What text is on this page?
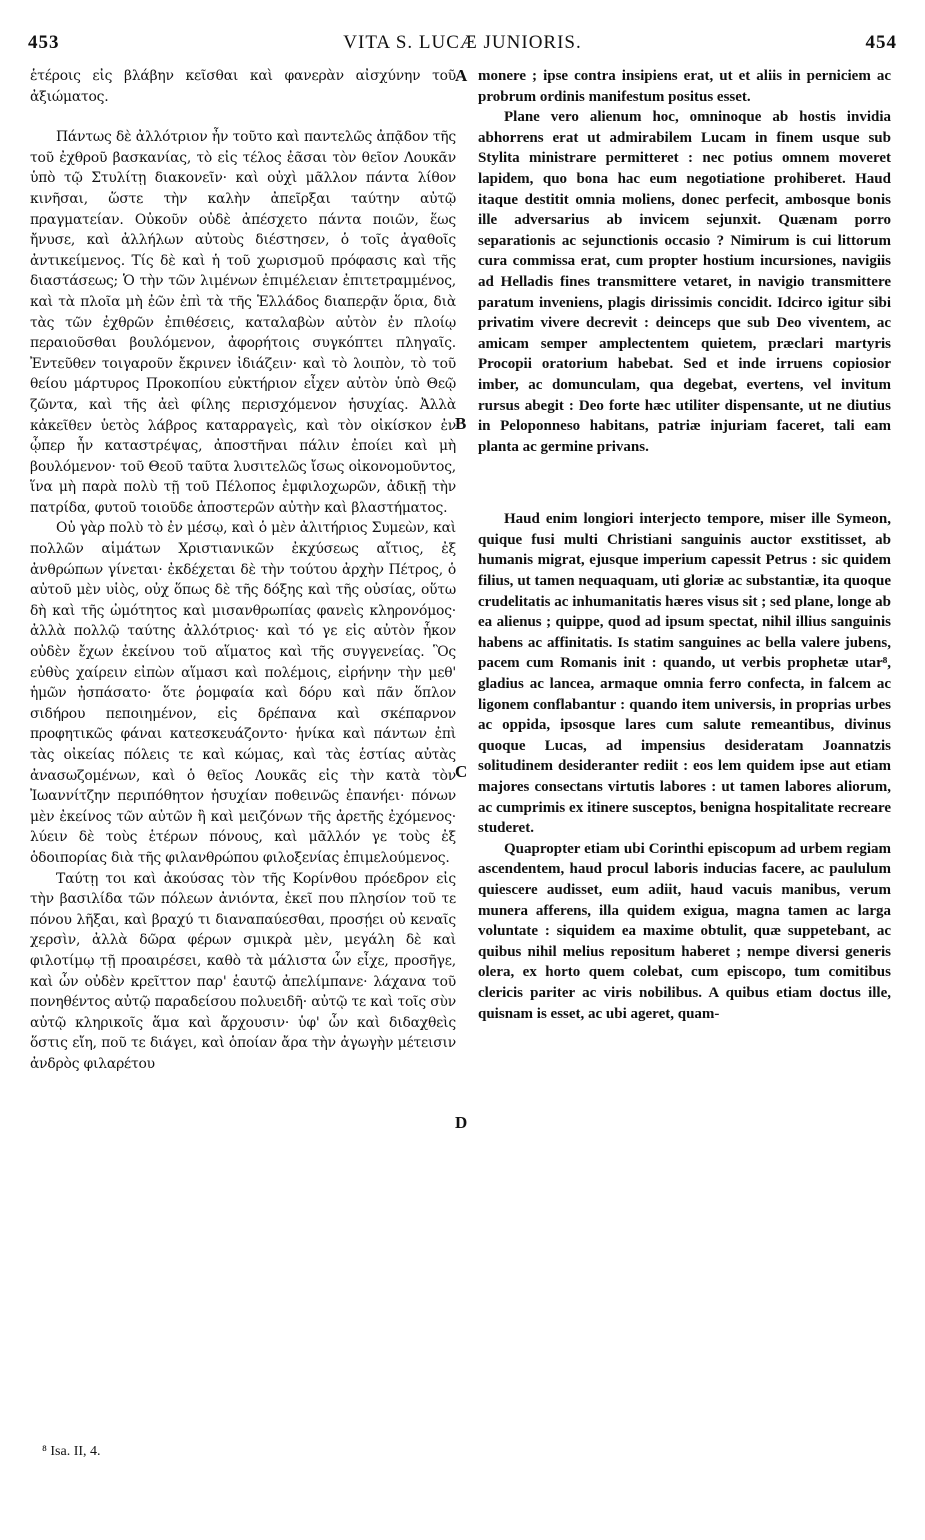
453	VITA S. LUCÆ JUNIORIS.	454

ἑτέροις εἰς βλάβην κεῖσθαι καὶ φανερὰν αἰσχύνην τοῦ ἀξιώματος.

Πάντως δὲ ἀλλότριον ἦν τοῦτο καὶ παντελῶς ἀπᾷδον τῆς τοῦ ἐχθροῦ βασκανίας, τὸ εἰς τέλος ἐᾶσαι τὸν θεῖον Λουκᾶν ὑπὸ τῷ Στυλίτῃ διακονεῖν· καὶ οὐχὶ μᾶλλον πάντα λίθον κινῆσαι, ὥστε τὴν καλὴν ἀπεῖρξαι ταύτην αὐτῷ πραγματείαν. Οὐκοῦν οὐδὲ ἀπέσχετο πάντα ποιῶν, ἕως ἤνυσε, καὶ ἀλλήλων αὐτοὺς διέστησεν, ὁ τοῖς ἀγαθοῖς ἀντικείμενος. Τίς δὲ καὶ ἡ τοῦ χωρισμοῦ πρόφασις καὶ τῆς διαστάσεως; Ὁ τὴν τῶν λιμένων ἐπιμέλειαν ἐπιτετραμμένος, καὶ τὰ πλοῖα μὴ ἐῶν ἐπὶ τὰ τῆς Ἑλλάδος διαπερᾷν ὅρια, διὰ τὰς τῶν ἐχθρῶν ἐπιθέσεις, καταλαβὼν αὐτὸν ἐν πλοίῳ περαιοῦσθαι βουλόμενον, ἀφορήτοις συγκόπτει πληγαῖς. Ἐντεῦθεν τοιγαροῦν ἔκρινεν ἰδιάζειν· καὶ τὸ λοιπὸν, τὸ τοῦ θείου μάρτυρος Προκοπίου εὐκτήριον εἶχεν αὐτὸν ὑπὸ Θεῷ ζῶντα, καὶ τῆς ἀεὶ φίλης περισχόμενον ἡσυχίας. Ἀλλὰ κἀκεῖθεν ὑετὸς λάβρος καταρραγεὶς, καὶ τὸν οἰκίσκον ἐν ᾧπερ ἦν καταστρέψας, ἀποστῆναι πάλιν ἐποίει καὶ μὴ βουλόμενον· τοῦ Θεοῦ ταῦτα λυσιτελῶς ἴσως οἰκονομοῦντος, ἵνα μὴ παρὰ πολὺ τῇ τοῦ Πέλοπος ἐμφιλοχωρῶν, ἀδικῇ τὴν πατρίδα, φυτοῦ τοιοῦδε ἀποστερῶν αὐτὴν καὶ βλαστήματος.

Οὐ γὰρ πολὺ τὸ ἐν μέσῳ, καὶ ὁ μὲν ἀλιτήριος Συμεὼν, καὶ πολλῶν αἱμάτων Χριστιανικῶν ἐκχύσεως αἴτιος, ἐξ ἀνθρώπων γίνεται· ἐκδέχεται δὲ τὴν τούτου ἀρχὴν Πέτρος, ὁ αὐτοῦ μὲν υἱὸς, οὐχ ὅπως δὲ τῆς δόξης καὶ τῆς οὐσίας, οὕτω δὴ καὶ τῆς ὠμότητος καὶ μισανθρωπίας φανεὶς κληρονόμος· ἀλλὰ πολλῷ ταύτης ἀλλότριος· καὶ τό γε εἰς αὐτὸν ἧκον οὐδὲν ἔχων ἐκείνου τοῦ αἵματος καὶ τῆς συγγενείας. Ὃς εὐθὺς χαίρειν εἰπὼν αἵμασι καὶ πολέμοις, εἰρήνην τὴν μεθ' ἡμῶν ἠσπάσατο· ὅτε ῥομφαία καὶ δόρυ καὶ πᾶν ὅπλον σιδήρου πεποιημένον, εἰς δρέπανα καὶ σκέπαρνον προφητικῶς φάναι κατεσκευάζοντο· ἡνίκα καὶ πάντων ἐπὶ τὰς οἰκείας πόλεις τε καὶ κώμας, καὶ τὰς ἑστίας αὐτὰς ἀνασωζομένων, καὶ ὁ θεῖος Λουκᾶς εἰς τὴν κατὰ τὸν Ἰωαννίτζην περιπόθητον ἡσυχίαν ποθεινῶς ἐπανήει· πόνων μὲν ἐκείνος τῶν αὐτῶν ἢ καὶ μειζόνων τῆς ἀρετῆς ἐχόμενος· λύειν δὲ τοὺς ἑτέρων πόνους, καὶ μᾶλλόν γε τοὺς ἐξ ὁδοιπορίας διὰ τῆς φιλανθρώπου φιλοξενίας ἐπιμελούμενος.

Ταύτῃ τοι καὶ ἀκούσας τὸν τῆς Κορίνθου πρόεδρον εἰς τὴν βασιλίδα τῶν πόλεων ἀνιόντα, ἐκεῖ που πλησίον τοῦ τε πόνου λῆξαι, καὶ βραχύ τι διαναπαύεσθαι, προσῄει οὐ κεναῖς χερσὶν, ἀλλὰ δῶρα φέρων σμικρὰ μὲν, μεγάλη δὲ καὶ φιλοτίμῳ τῇ προαιρέσει, καθὸ τὰ μάλιστα ὧν εἶχε, προσῆγε, καὶ ὧν οὐδὲν κρεῖττον παρ' ἑαυτῷ ἀπελίμπανε· λάχανα τοῦ πονηθέντος αὐτῷ παραδείσου πολυειδῆ· αὐτῷ τε καὶ τοῖς σὺν αὐτῷ κληρικοῖς ἅμα καὶ ἄρχουσιν· ὑφ' ὧν καὶ διδαχθεὶς ὅστις εἴη, ποῦ τε διάγει, καὶ ὁποίαν ἄρα τὴν ἀγωγὴν μέτεισιν ἀνδρὸς φιλαρέτου

A
B
C
D

monere ; ipse contra insipiens erat, ut et aliis in perniciem ac probrum ordinis manifestum positus esset.

Plane vero alienum hoc, omninoque ab hostis invidia abhorrens erat ut admirabilem Lucam in finem usque sub Stylita ministrare permitteret : nec potius omnem moveret lapidem, quo bona hac eum negotiatione prohiberet. Haud itaque destitit omnia moliens, donec perfecit, ambosque bonis ille adversarius ab invicem sejunxit. Quænam porro separationis ac sejunctionis occasio ? Nimirum is cui littorum cura commissa erat, cum propter hostium incursiones, navigiis ad Helladis fines transmittere vetaret, in navigio transmittere paratum inveniens, plagis dirissimis concidit. Idcirco igitur sibi privatim vivere decrevit : deinceps que sub Deo viventem, ac amicam semper amplectentem quietem, præclari martyris Procopii oratorium habebat. Sed et inde irruens copiosior imber, ac domunculam, qua degebat, evertens, vel invitum rursus abegit : Deo forte hæc utiliter dispensante, ut ne diutius in Peloponneso habitans, patriæ injuriam faceret, tali eam planta ac germine privans.

Haud enim longiori interjecto tempore, miser ille Symeon, quique fusi multi Christiani sanguinis auctor exstitisset, ab humanis migrat, ejusque imperium capessit Petrus : sic quidem filius, ut tamen nequaquam, uti gloriæ ac substantiæ, ita quoque crudelitatis ac inhumanitatis hæres visus sit ; sed plane, longe ab ea alienus ; quippe, quod ad ipsum spectat, nihil illius sanguinis habens ac affinitatis. Is statim sanguines ac bella valere jubens, pacem cum Romanis init : quando, ut verbis prophetæ utar⁸, gladius ac lancea, armaque omnia ferro confecta, in falcem ac ligonem conflabantur : quando item universis, in proprias urbes ac oppida, ipsosque lares cum salute remeantibus, divinus quoque Lucas, ad impensius desideratam Joannatzis solitudinem desideranter rediit : eos lem quidem ipse aut etiam majores consectans virtutis labores : ut tamen labores aliorum, ac cumprimis ex itinere susceptos, benigna hospitalitate recreare studeret.

Quapropter etiam ubi Corinthi episcopum ad urbem regiam ascendentem, haud procul laboris inducias facere, ac paululum quiescere audisset, eum adiit, haud vacuis manibus, verum munera afferens, illa quidem exigua, magna tamen ac larga voluntate : siquidem ea maxime obtulit, quæ suppetebant, ac quibus nihil melius repositum haberet ; nempe diversi generis olera, ex horto quem colebat, cum episcopo, tum comitibus clericis pariter ac viris nobilibus. A quibus etiam doctus ille, quisnam is esset, ac ubi ageret, quam-

⁸ Isa. II, 4.
